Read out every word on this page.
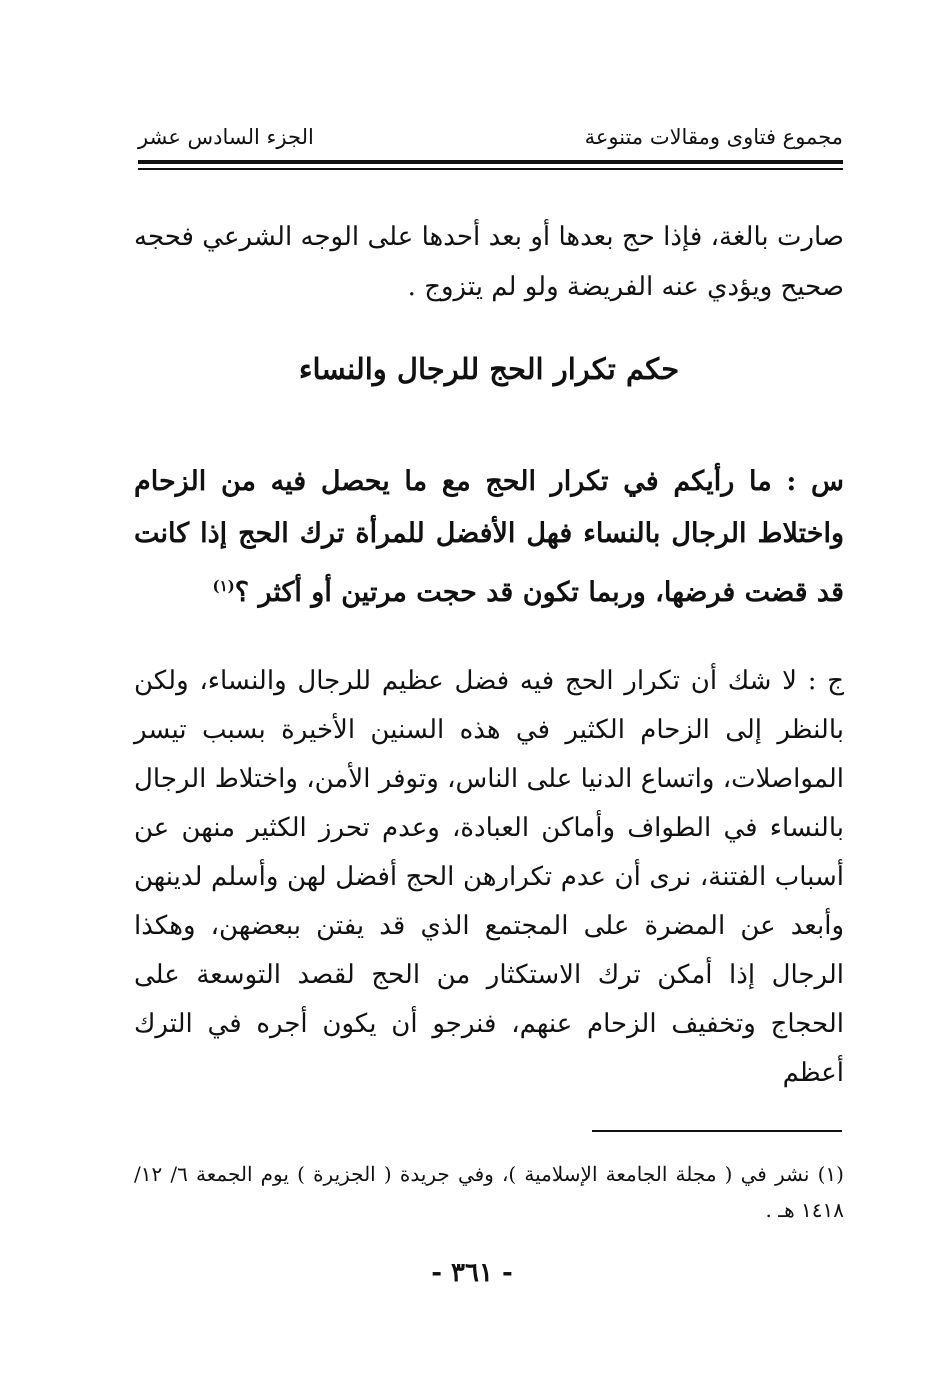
مجموع فتاوى ومقالات متنوعة
الجزء السادس عشر

صارت بالغة، فإذا حج بعدها أو بعد أحدها على الوجه الشرعي فحجه صحيح ويؤدي عنه الفريضة ولو لم يتزوج .

حكم تكرار الحج للرجال والنساء

س : ما رأيكم في تكرار الحج مع ما يحصل فيه من الزحام واختلاط الرجال بالنساء فهل الأفضل للمرأة ترك الحج إذا كانت قد قضت فرضها، وربما تكون قد حجت مرتين أو أكثر ؟$^{(١)}$

ج : لا شك أن تكرار الحج فيه فضل عظيم للرجال والنساء، ولكن بالنظر إلى الزحام الكثير في هذه السنين الأخيرة بسبب تيسر المواصلات، واتساع الدنيا على الناس، وتوفر الأمن، واختلاط الرجال بالنساء في الطواف وأماكن العبادة، وعدم تحرز الكثير منهن عن أسباب الفتنة، نرى أن عدم تكرارهن الحج أفضل لهن وأسلم لدينهن وأبعد عن المضرة على المجتمع الذي قد يفتن ببعضهن، وهكذا الرجال إذا أمكن ترك الاستكثار من الحج لقصد التوسعة على الحجاج وتخفيف الزحام عنهم، فنرجو أن يكون أجره في الترك أعظم

(١) نشر في ( مجلة الجامعة الإسلامية )، وفي جريدة ( الجزيرة ) يوم الجمعة ٦/ ١٢/ ١٤١٨ هـ .

- ٣٦١ -
